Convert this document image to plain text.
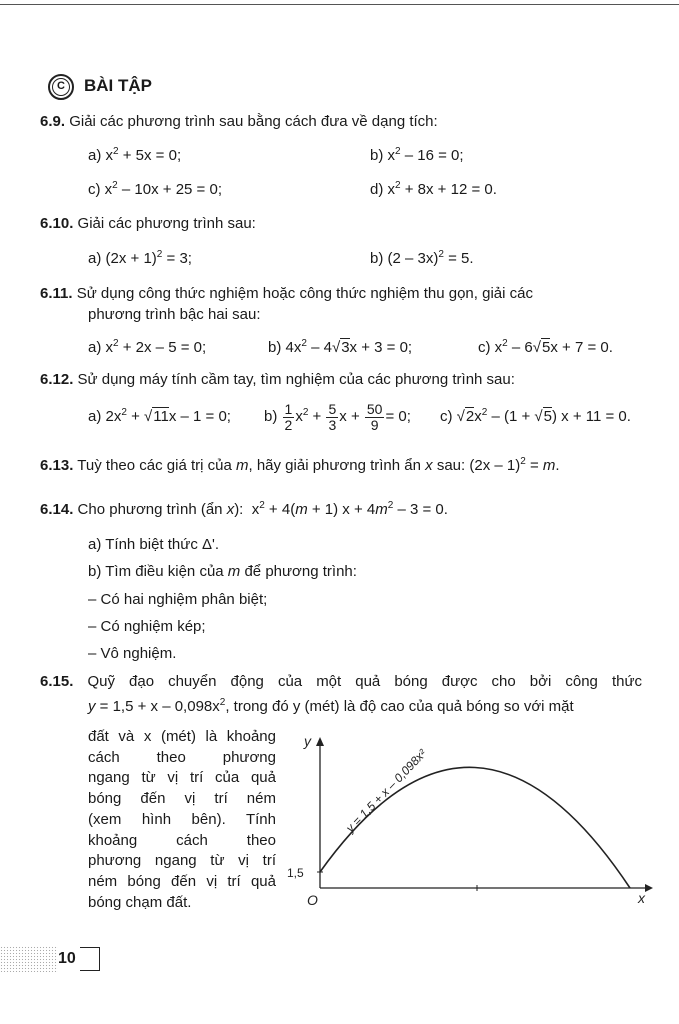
C BÀI TẬP
6.9. Giải các phương trình sau bằng cách đưa về dạng tích:
a) $x^2 + 5x = 0$;	b) $x^2 - 16 = 0$;
c) $x^2 - 10x + 25 = 0$;	d) $x^2 + 8x + 12 = 0$.
6.10. Giải các phương trình sau:
a) $(2x + 1)^2 = 3$;	b) (2 – 3x)$^2$ = 5.
6.11. Sử dụng công thức nghiệm hoặc công thức nghiệm thu gọn, giải các
phương trình bậc hai sau:
a) $x^2 + 2x - 5 = 0$;	b) $4x^2 - 4√3x + 3 = 0$;	c) $x^2 - 6√5x + 7 = 0$.
6.12. Sử dụng máy tính cầm tay, tìm nghiệm của các phương trình sau:
a) $2x^2 + √11x - 1 = 0$; $b) \frac{1}{2} x^2 + \frac{5}{3}$ $x + \frac{50}{9} = 0$; c) $√2x^2 - (1 + √5) x + 11 = 0$.
6.13. Tuỳ theo các giá trị của m, hãy giải phương trình ẩn x sau: (2x – 1)$^2$ = m.
6.14. Cho phương trình (ẩn x):  $x^2 + 4(m + 1) x + 4m^2 - 3 = 0$.
a) Tính biệt thức Δ'.
b) Tìm điều kiện của m để phương trình:
– Có hai nghiệm phân biệt;
– Có nghiệm kép;
– Vô nghiệm.
6.15. Quỹ đạo chuyển động của một quả bóng được cho bởi công thức
$y = 1,5 + x - 0,098x^2$, trong đó y (mét) là độ cao của quả bóng so với mặt
đất và x (mét) là khoảng
cách theo phương
ngang từ vị trí của quả
bóng đến vị trí ném
(xem hình bên). Tính
khoảng cách theo
phương ngang từ vị trí
ném bóng đến vị trí quả
bóng chạm đất.
y
x
O
1,5
y = 1,5 + x – 0,098x²
10
